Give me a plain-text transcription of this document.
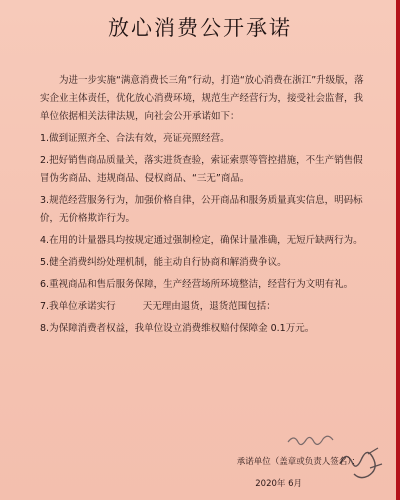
放心消费公开承诺

为进一步实施“满意消费长三角”行动，打造“放心消费在浙江”升级版，落实企业主体责任，优化放心消费环境，规范生产经营行为，接受社会监督，我单位依据相关法律法规，向社会公开承诺如下：

1.做到证照齐全、合法有效，亮证亮照经营。

2.把好销售商品质量关，落实进货查验，索证索票等管控措施，不生产销售假冒伪劣商品、违规商品、侵权商品、“三无”商品。

3.规范经营服务行为，加强价格自律，公开商品和服务质量真实信息，明码标价，无价格欺诈行为。

4.在用的计量器具均按规定通过强制检定，确保计量准确，无短斤缺两行为。

5.健全消费纠纷处理机制，能主动自行协商和解消费争议。

6.重视商品和售后服务保障，生产经营场所环境整洁，经营行为文明有礼。

7.我单位承诺实行         天无理由退货，退货范围包括：

8.为保障消费者权益，我单位设立消费维权赔付保障金 0.1万元。

承诺单位（盖章或负责人签名）：
2020年 6月
